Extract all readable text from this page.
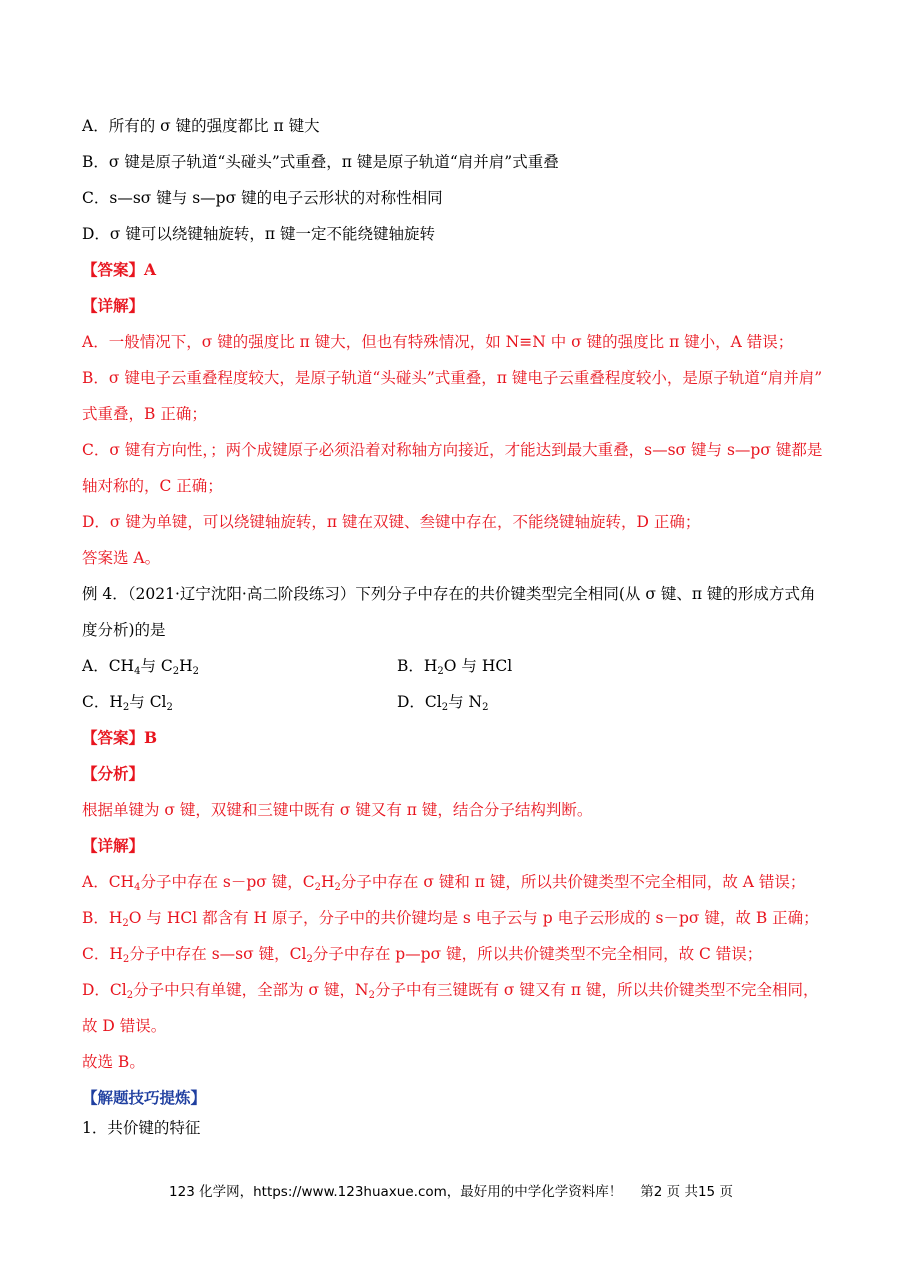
A．所有的 σ 键的强度都比 π 键大
B．σ 键是原子轨道“头碰头”式重叠，π 键是原子轨道“肩并肩”式重叠
C．s—sσ 键与 s—pσ 键的电子云形状的对称性相同
D．σ 键可以绕键轴旋转，π 键一定不能绕键轴旋转
【答案】A
【详解】
A．一般情况下，σ 键的强度比 π 键大，但也有特殊情况，如 N≡N 中 σ 键的强度比 π 键小，A 错误；
B．σ 键电子云重叠程度较大，是原子轨道“头碰头”式重叠，π 键电子云重叠程度较小，是原子轨道“肩并肩”
式重叠，B 正确；
C．σ 键有方向性，；两个成键原子必须沿着对称轴方向接近，才能达到最大重叠，s—sσ 键与 s—pσ 键都是
轴对称的，C 正确；
D．σ 键为单键，可以绕键轴旋转，π 键在双键、叁键中存在，不能绕键轴旋转，D 正确；
答案选 A。
例 4．（2021·辽宁沈阳·高二阶段练习）下列分子中存在的共价键类型完全相同(从 σ 键、π 键的形成方式角
度分析)的是
A．$CH_4$与 $C_2H_2$	B．$H_2O$ 与 HCl
C．$H_2$与 $Cl_2$	D．$Cl_2$与 $N_2$
【答案】B
【分析】
根据单键为 σ 键，双键和三键中既有 σ 键又有 π 键，结合分子结构判断。
【详解】
A．$CH_4$分子中存在 s－pσ 键，$C_2H_2$分子中存在 σ 键和 π 键，所以共价键类型不完全相同，故 A 错误；
B．$H_2O$ 与 HCl 都含有 H 原子，分子中的共价键均是 s 电子云与 p 电子云形成的 s－pσ 键，故 B 正确；
C．$H_2$分子中存在 s—sσ 键，$Cl_2$分子中存在 p—pσ 键，所以共价键类型不完全相同，故 C 错误；
D．$Cl_2$分子中只有单键，全部为 σ 键，$N_2$分子中有三键既有 σ 键又有 π 键，所以共价键类型不完全相同，
故 D 错误。
故选 B。
【解题技巧提炼】
1．共价键的特征
123 化学网，https://www.123huaxue.com，最好用的中学化学资料库！ 第2 页 共15 页
